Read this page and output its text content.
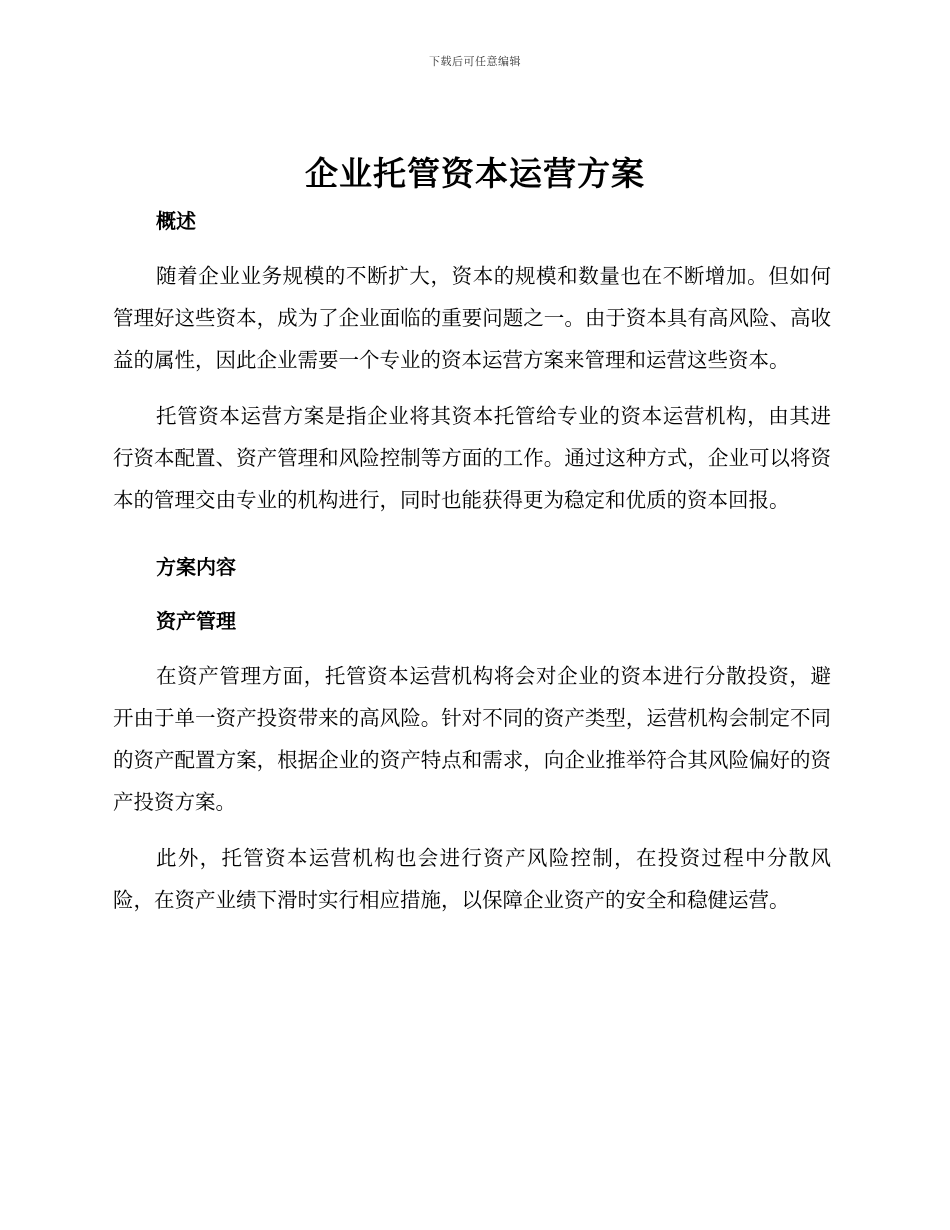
下载后可任意编辑
企业托管资本运营方案

概述

随着企业业务规模的不断扩大，资本的规模和数量也在不断增加。但如何管理好这些资本，成为了企业面临的重要问题之一。由于资本具有高风险、高收益的属性，因此企业需要一个专业的资本运营方案来管理和运营这些资本。

托管资本运营方案是指企业将其资本托管给专业的资本运营机构，由其进行资本配置、资产管理和风险控制等方面的工作。通过这种方式，企业可以将资本的管理交由专业的机构进行，同时也能获得更为稳定和优质的资本回报。

方案内容

资产管理

在资产管理方面，托管资本运营机构将会对企业的资本进行分散投资，避开由于单一资产投资带来的高风险。针对不同的资产类型，运营机构会制定不同的资产配置方案，根据企业的资产特点和需求，向企业推举符合其风险偏好的资产投资方案。

此外，托管资本运营机构也会进行资产风险控制，在投资过程中分散风险，在资产业绩下滑时实行相应措施，以保障企业资产的安全和稳健运营。
